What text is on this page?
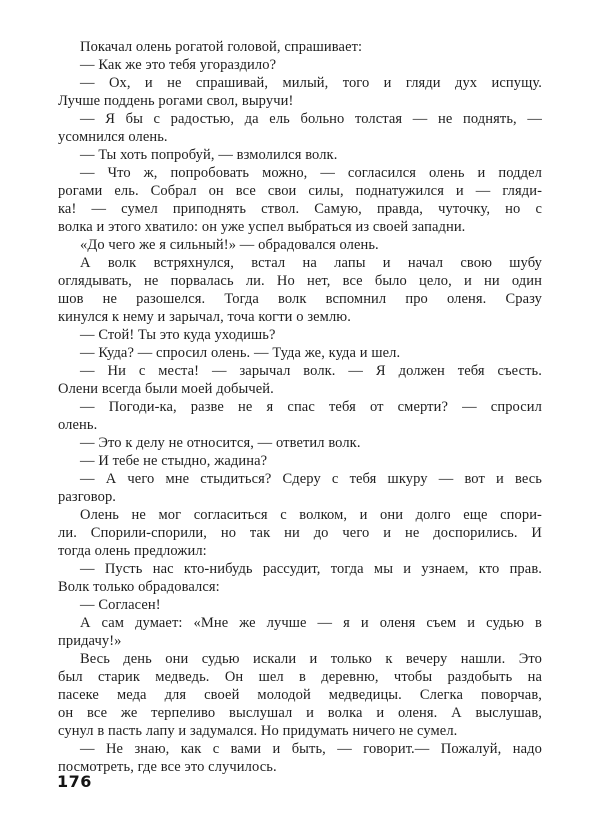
Покачал олень рогатой головой, спрашивает:
— Как же это тебя угораздило?
— Ох, и не спрашивай, милый, того и гляди дух испущу.
Лучше поддень рогами свол, выручи!
— Я бы с радостью, да ель больно толстая — не поднять, —
усомнился олень.
— Ты хоть попробуй, — взмолился волк.
— Что ж, попробовать можно, — согласился олень и поддел
рогами ель. Собрал он все свои силы, поднатужился и — гляди-
ка! — сумел приподнять ствол. Самую, правда, чуточку, но с
волка и этого хватило: он уже успел выбраться из своей западни.
«До чего же я сильный!» — обрадовался олень.
А волк встряхнулся, встал на лапы и начал свою шубу
оглядывать, не порвалась ли. Но нет, все было цело, и ни один
шов не разошелся. Тогда волк вспомнил про оленя. Сразу
кинулся к нему и зарычал, точа когти о землю.
— Стой! Ты это куда уходишь?
— Куда? — спросил олень. — Туда же, куда и шел.
— Ни с места! — зарычал волк. — Я должен тебя съесть.
Олени всегда были моей добычей.
— Погоди-ка, разве не я спас тебя от смерти? — спросил
олень.
— Это к делу не относится, — ответил волк.
— И тебе не стыдно, жадина?
— А чего мне стыдиться? Сдеру с тебя шкуру — вот и весь
разговор.
Олень не мог согласиться с волком, и они долго еще спори-
ли. Спорили-спорили, но так ни до чего и не доспорились. И
тогда олень предложил:
— Пусть нас кто-нибудь рассудит, тогда мы и узнаем, кто прав.
Волк только обрадовался:
— Согласен!
А сам думает: «Мне же лучше — я и оленя съем и судью в
придачу!»
Весь день они судью искали и только к вечеру нашли. Это
был старик медведь. Он шел в деревню, чтобы раздобыть на
пасеке меда для своей молодой медведицы. Слегка поворчав,
он все же терпеливо выслушал и волка и оленя. А выслушав,
сунул в пасть лапу и задумался. Но придумать ничего не сумел.
— Не знаю, как с вами и быть, — говорит.— Пожалуй, надо
посмотреть, где все это случилось.
176
